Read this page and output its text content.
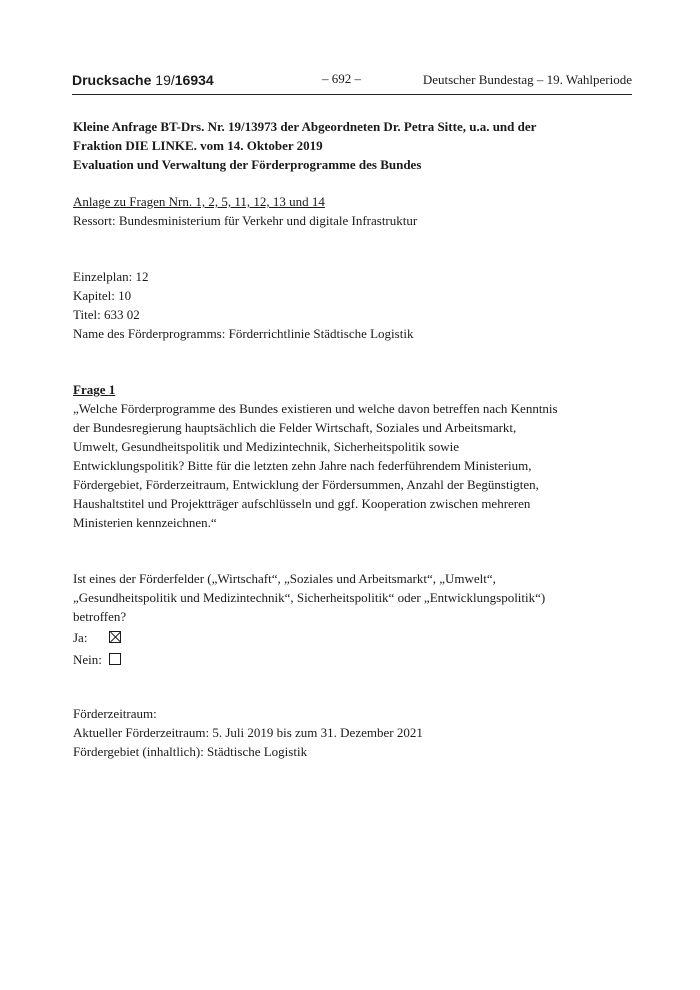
Drucksache 19/16934	– 692 –	Deutscher Bundestag – 19. Wahlperiode

Kleine Anfrage BT-Drs. Nr. 19/13973 der Abgeordneten Dr. Petra Sitte, u.a. und der

Fraktion DIE LINKE. vom 14. Oktober 2019

Evaluation und Verwaltung der Förderprogramme des Bundes

Anlage zu Fragen Nrn. 1, 2, 5, 11, 12, 13 und 14

Ressort: Bundesministerium für Verkehr und digitale Infrastruktur

Einzelplan: 12

Kapitel: 10

Titel: 633 02

Name des Förderprogramms: Förderrichtlinie Städtische Logistik

Frage 1

„Welche Förderprogramme des Bundes existieren und welche davon betreffen nach Kenntnis

der Bundesregierung hauptsächlich die Felder Wirtschaft, Soziales und Arbeitsmarkt,

Umwelt, Gesundheitspolitik und Medizintechnik, Sicherheitspolitik sowie

Entwicklungspolitik? Bitte für die letzten zehn Jahre nach federführendem Ministerium,

Fördergebiet, Förderzeitraum, Entwicklung der Fördersummen, Anzahl der Begünstigten,

Haushaltstitel und Projektträger aufschlüsseln und ggf. Kooperation zwischen mehreren

Ministerien kennzeichnen.“

Ist eines der Förderfelder („Wirtschaft“, „Soziales und Arbeitsmarkt“, „Umwelt“,

„Gesundheitspolitik und Medizintechnik“, Sicherheitspolitik“ oder „Entwicklungspolitik“)

betroffen?

Ja:
Nein:

Förderzeitraum:

Aktueller Förderzeitraum: 5. Juli 2019 bis zum 31. Dezember 2021

Fördergebiet (inhaltlich): Städtische Logistik
